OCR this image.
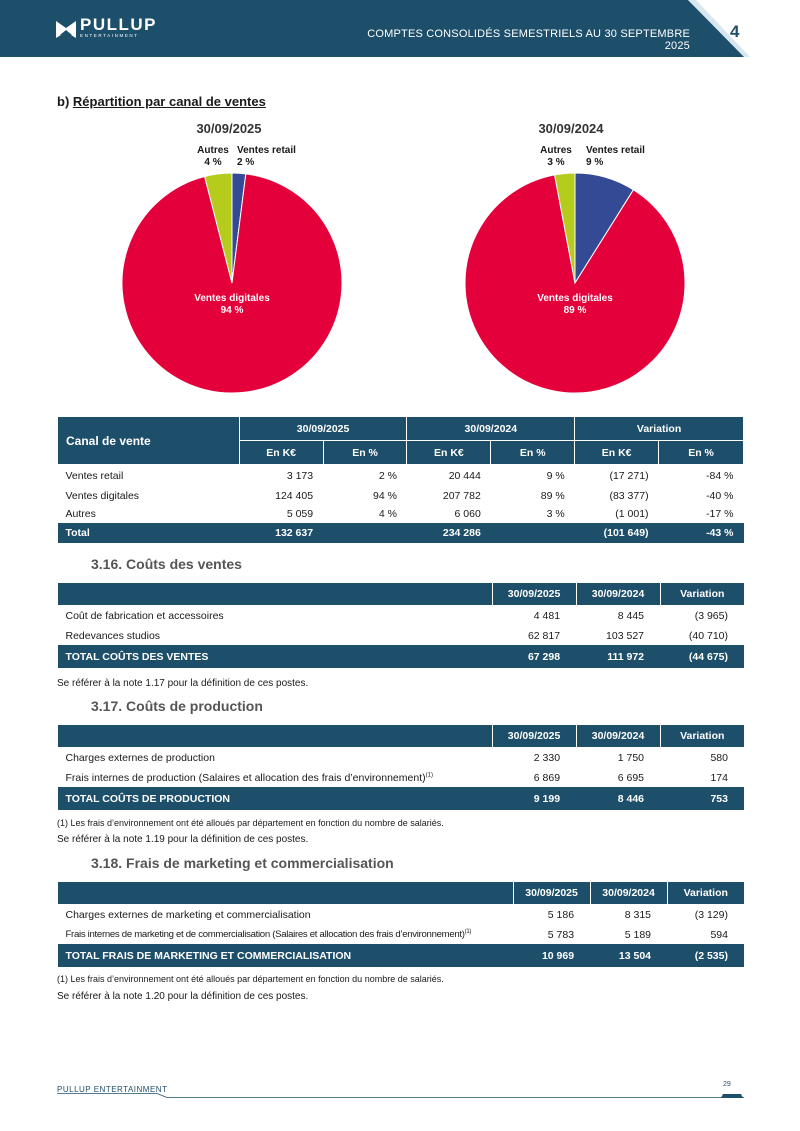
PULLUP
ENTERTAINMENT	COMPTES CONSOLIDÉS SEMESTRIELS AU 30 SEPTEMBRE 2025
4
b) Répartition par canal de ventes
30/09/2025
Autres
4 %
Ventes retail
2 %
Ventes digitales
94 %
30/09/2024
Autres
3 %
Ventes retail
9 %
Ventes digitales
89 %
Canal de vente	30/09/2025		30/09/2024		Variation	
	En K€	En %	En K€	En %	En K€	En %
Ventes retail	3 173	2 %	20 444	9 %	(17 271)	-84 %
Ventes digitales	124 405	94 %	207 782	89 %	(83 377)	-40 %
Autres	5 059	4 %	6 060	3 %	(1 001)	-17 %
Total	132 637		234 286		(101 649)	-43 %
3.16. Coûts des ventes
	30/09/2025	30/09/2024	Variation
Coût de fabrication et accessoires	4 481	8 445	(3 965)
Redevances studios	62 817	103 527	(40 710)
TOTAL COÛTS DES VENTES	67 298	111 972	(44 675)
Se référer à la note 1.17 pour la définition de ces postes.
3.17. Coûts de production
	30/09/2025	30/09/2024	Variation
Charges externes de production	2 330	1 750	580
Frais internes de production (Salaires et allocation des frais d’environnement)$^{(1)}$	6 869	6 695	174
TOTAL COÛTS DE PRODUCTION	9 199	8 446	753
(1) Les frais d’environnement ont été alloués par département en fonction du nombre de salariés.
Se référer à la note 1.19 pour la définition de ces postes.
3.18. Frais de marketing et commercialisation
	30/09/2025	30/09/2024	Variation
Charges externes de marketing et commercialisation	5 186	8 315	(3 129)
Frais internes de marketing et de commercialisation (Salaires et allocation des frais d’environnement)$^{(1)}$	5 783	5 189	594
TOTAL FRAIS DE MARKETING ET COMMERCIALISATION	10 969	13 504	(2 535)
(1) Les frais d’environnement ont été alloués par département en fonction du nombre de salariés.
Se référer à la note 1.20 pour la définition de ces postes.
PULLUP ENTERTAINMENT
29
